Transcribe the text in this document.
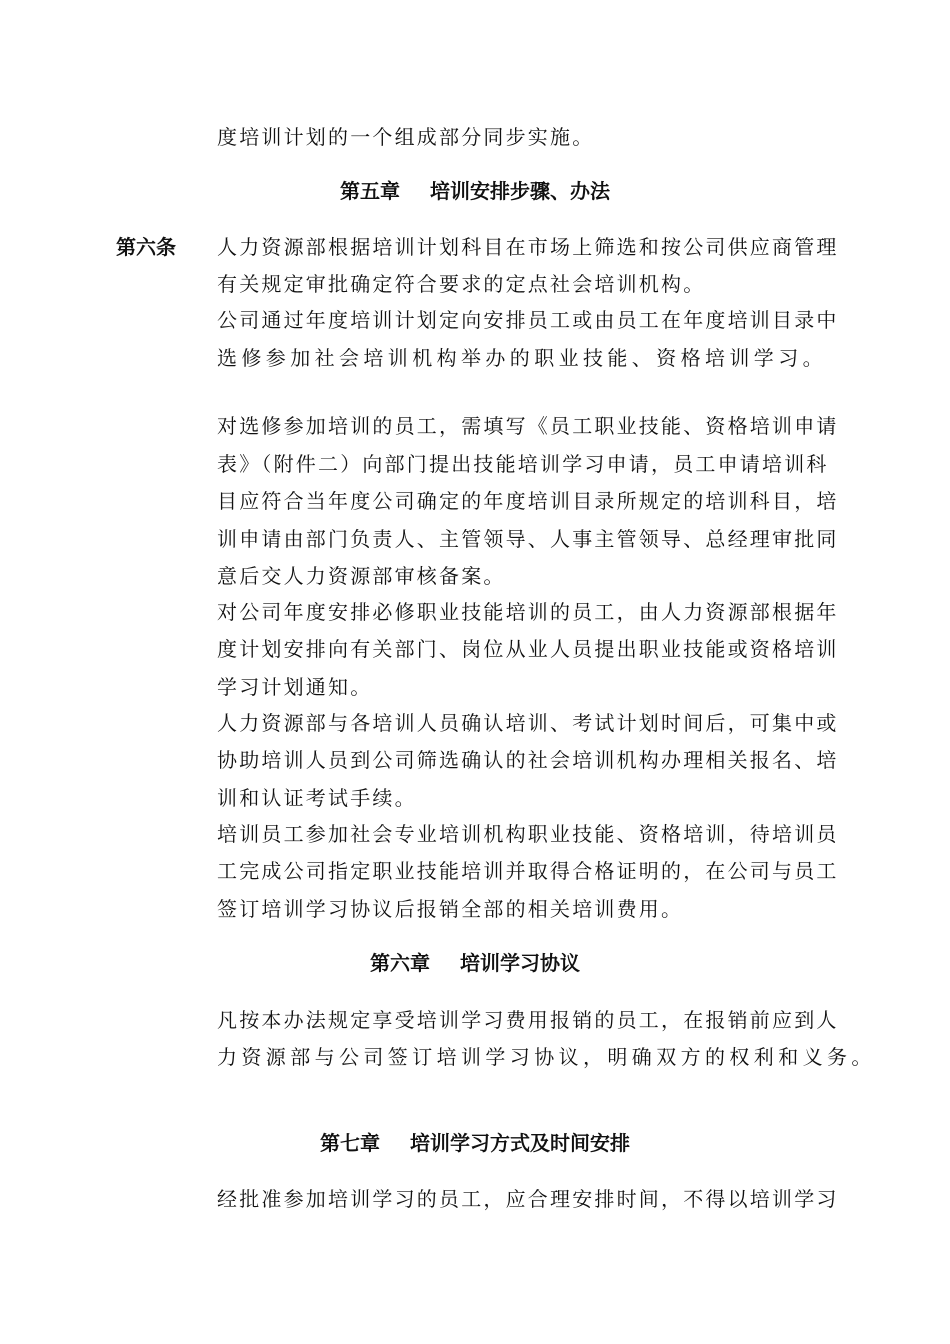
度培训计划的一个组成部分同步实施。
第五章 培训安排步骤、办法
第六条 人力资源部根据培训计划科目在市场上筛选和按公司供应商管理
有关规定审批确定符合要求的定点社会培训机构。
公司通过年度培训计划定向安排员工或由员工在年度培训目录中
选修参加社会培训机构举办的职业技能、资格培训学习。
对选修参加培训的员工，需填写《员工职业技能、资格培训申请
表》（附件二）向部门提出技能培训学习申请，员工申请培训科
目应符合当年度公司确定的年度培训目录所规定的培训科目，培
训申请由部门负责人、主管领导、人事主管领导、总经理审批同
意后交人力资源部审核备案。
对公司年度安排必修职业技能培训的员工，由人力资源部根据年
度计划安排向有关部门、岗位从业人员提出职业技能或资格培训
学习计划通知。
人力资源部与各培训人员确认培训、考试计划时间后，可集中或
协助培训人员到公司筛选确认的社会培训机构办理相关报名、培
训和认证考试手续。
培训员工参加社会专业培训机构职业技能、资格培训，待培训员
工完成公司指定职业技能培训并取得合格证明的，在公司与员工
签订培训学习协议后报销全部的相关培训费用。
第六章 培训学习协议
凡按本办法规定享受培训学习费用报销的员工，在报销前应到人
力资源部与公司签订培训学习协议，明确双方的权利和义务。
第七章 培训学习方式及时间安排
经批准参加培训学习的员工，应合理安排时间，不得以培训学习
